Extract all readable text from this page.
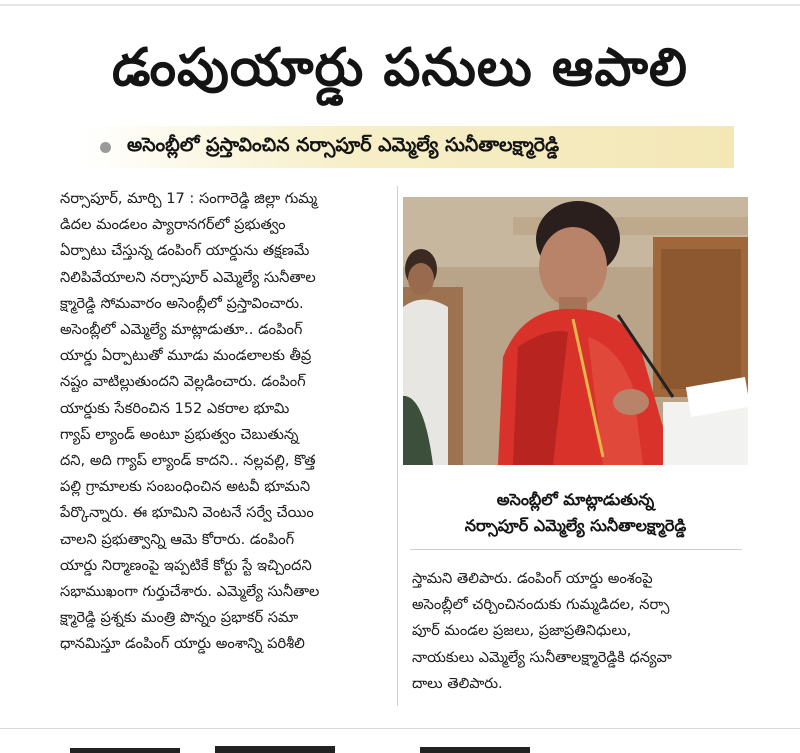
డంపుయార్డు పనులు ఆపాలి
అసెంబ్లీలో ప్రస్తావించిన నర్సాపూర్ ఎమ్మెల్యే సునీతాలక్ష్మారెడ్డి
నర్సాపూర్, మార్చి 17 : సంగారెడ్డి జిల్లా గుమ్మ
డిదల మండలం ప్యారానగర్‌లో ప్రభుత్వం
ఏర్పాటు చేస్తున్న డంపింగ్ యార్డును తక్షణమే
నిలిపివేయాలని నర్సాపూర్ ఎమ్మెల్యే సునీతాల
క్ష్మారెడ్డి సోమవారం అసెంబ్లీలో ప్రస్తావించారు.
అసెంబ్లీలో ఎమ్మెల్యే మాట్లాడుతూ.. డంపింగ్
యార్డు ఏర్పాటుతో మూడు మండలాలకు తీవ్ర
నష్టం వాటిల్లుతుందని వెల్లడించారు. డంపింగ్
యార్డుకు సేకరించిన 152 ఎకరాల భూమి
గ్యాప్ ల్యాండ్ అంటూ ప్రభుత్వం చెబుతున్న
దని, అది గ్యాప్ ల్యాండ్ కాదని.. నల్లవల్లి, కొత్త
పల్లి గ్రామాలకు సంబంధించిన అటవీ భూమని
పేర్కొన్నారు. ఈ భూమిని వెంటనే సర్వే చేయిం
చాలని ప్రభుత్వాన్ని ఆమె కోరారు. డంపింగ్
యార్డు నిర్మాణంపై ఇప్పటికే కోర్టు స్టే ఇచ్చిందని
సభాముఖంగా గుర్తుచేశారు. ఎమ్మెల్యే సునీతాల
క్ష్మారెడ్డి ప్రశ్నకు మంత్రి పొన్నం ప్రభాకర్ సమా
ధానమిస్తూ డంపింగ్ యార్డు అంశాన్ని పరిశీలి
అసెంబ్లీలో మాట్లాడుతున్న
నర్సాపూర్ ఎమ్మెల్యే సునీతాలక్ష్మారెడ్డి
స్తామని తెలిపారు. డంపింగ్ యార్డు అంశంపై
అసెంబ్లీలో చర్చించినందుకు గుమ్మడిదల, నర్సా
పూర్ మండల ప్రజలు, ప్రజాప్రతినిధులు,
నాయకులు ఎమ్మెల్యే సునీతాలక్ష్మారెడ్డికి ధన్యవా
దాలు తెలిపారు.
